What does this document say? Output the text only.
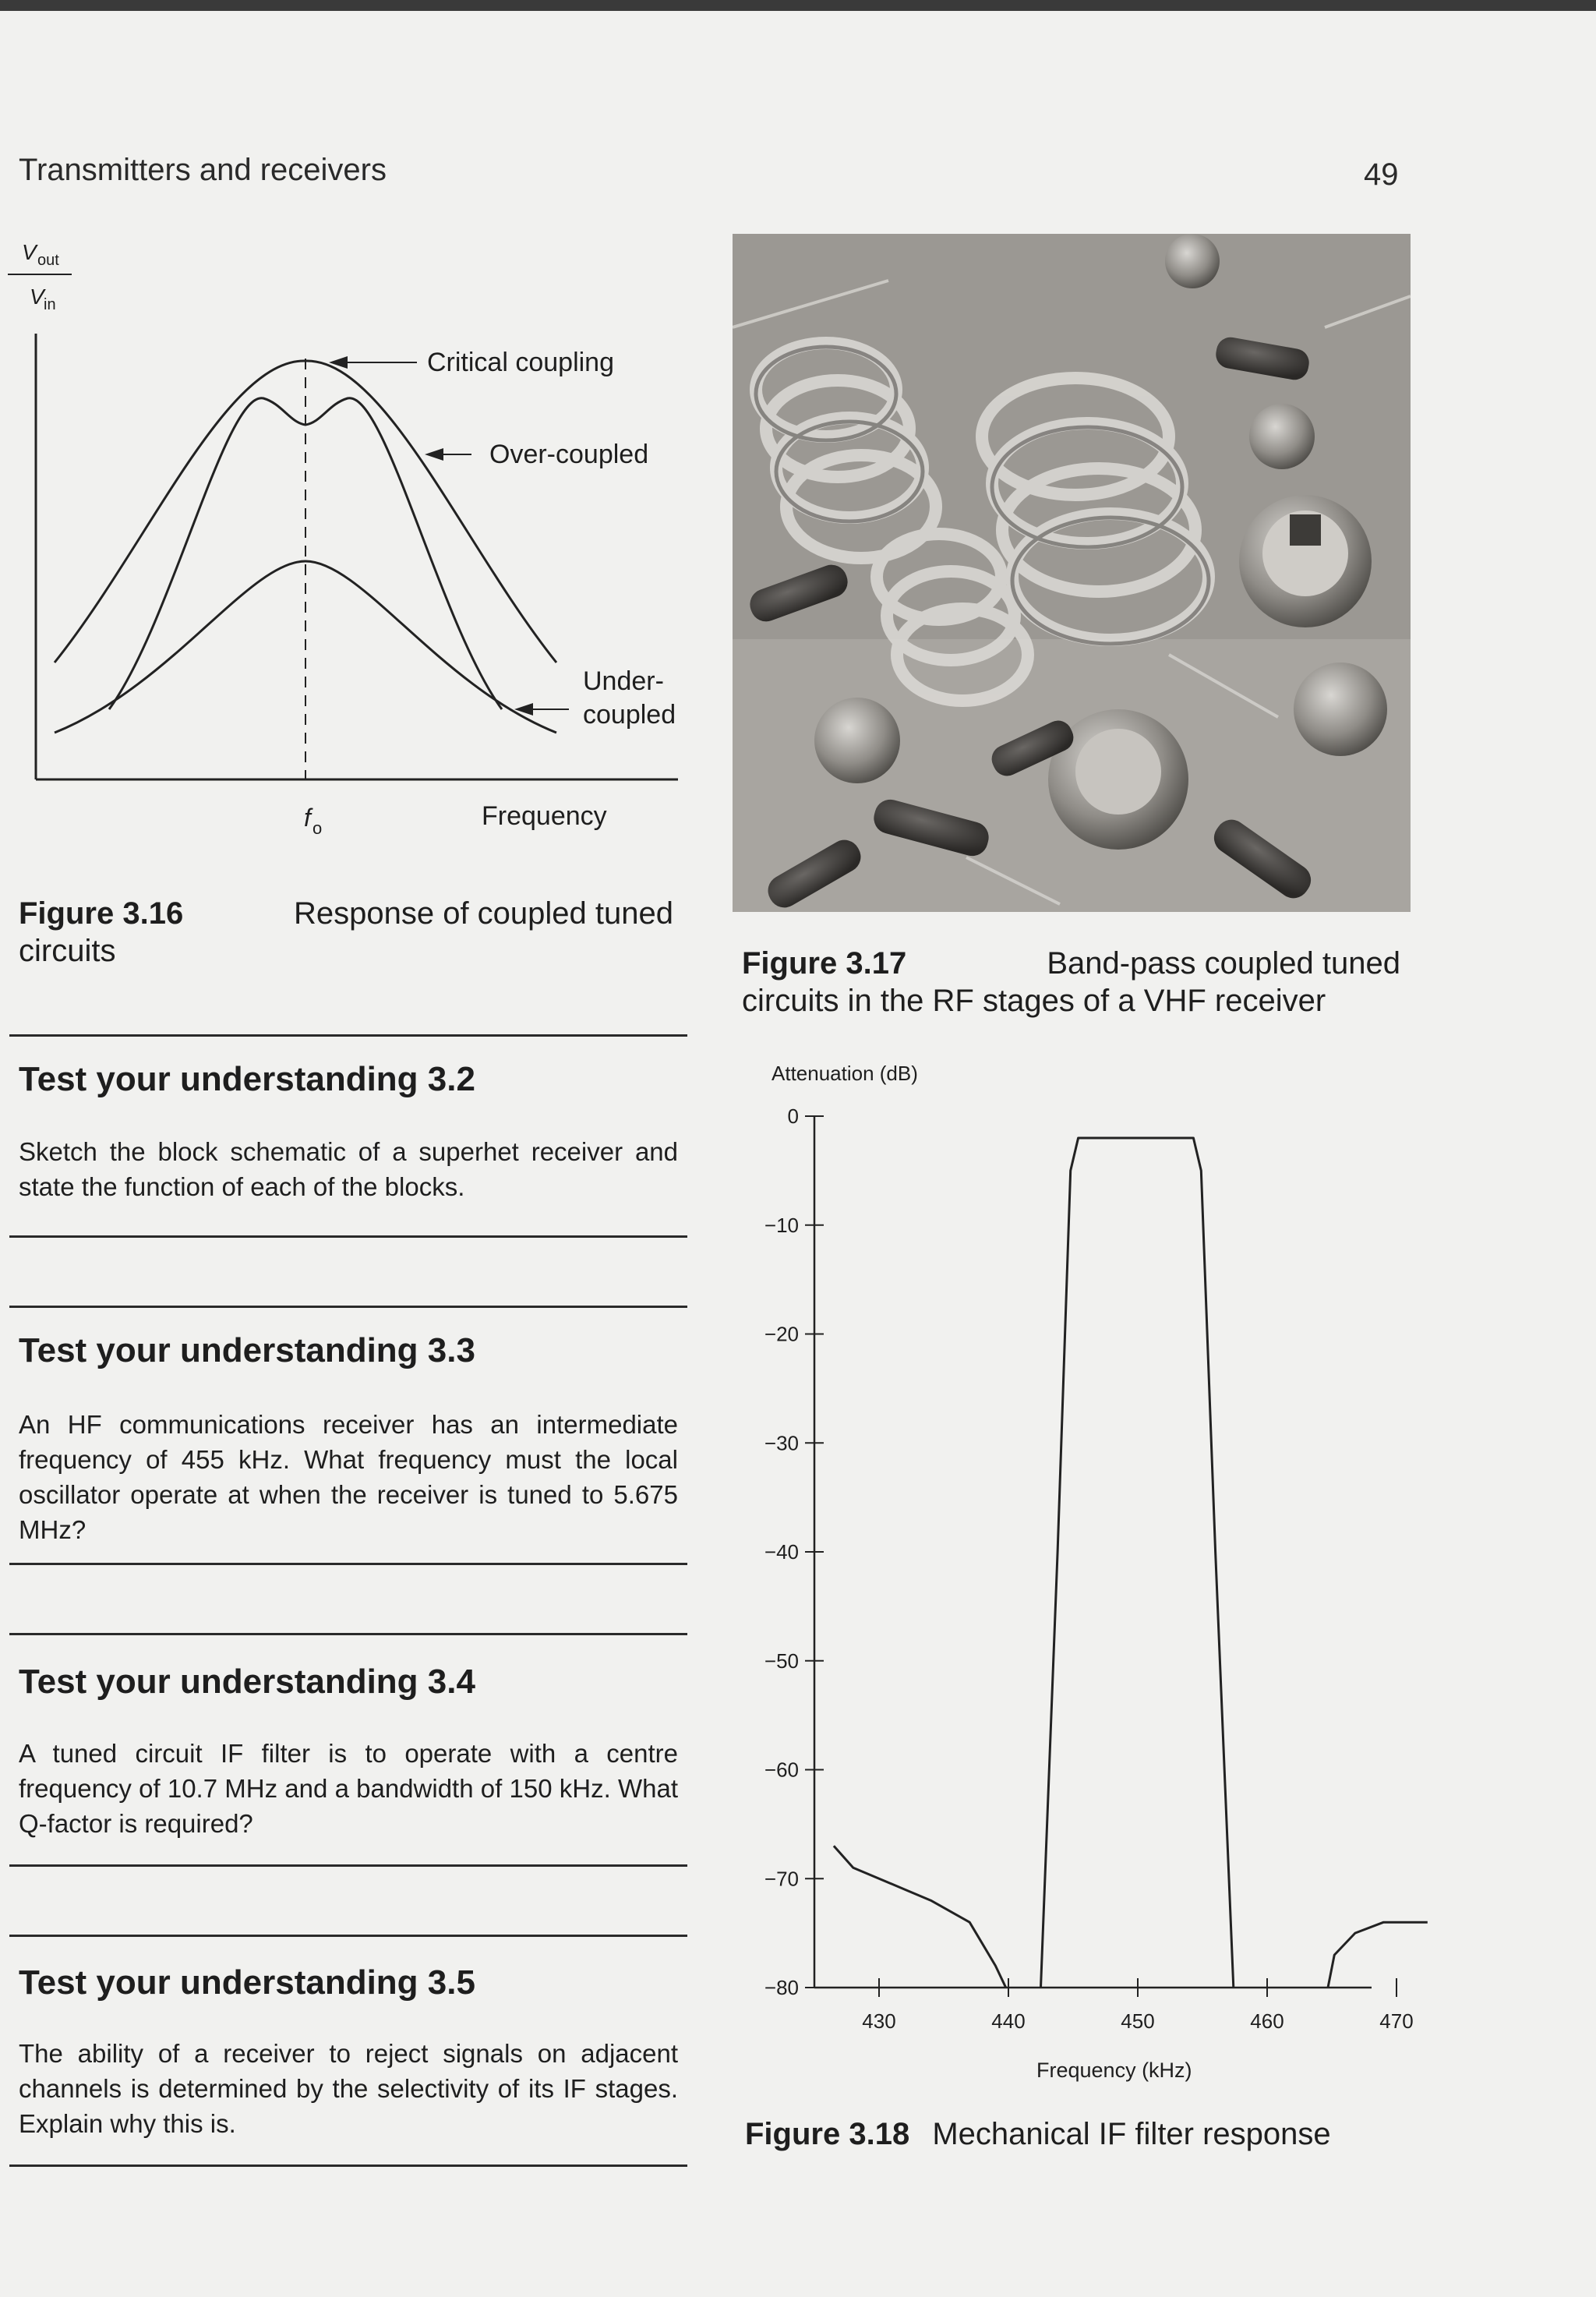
Transmitters and receivers	49
V out
V in
Critical coupling
Over-coupled
Under-
coupled
f o	Frequency
Figure 3.16	Response of coupled tuned
circuits
Test your understanding 3.2
Sketch the block schematic of a superhet receiver and state the function of each of the blocks.
Test your understanding 3.3
An HF communications receiver has an intermediate frequency of 455 kHz. What frequency must the local oscillator operate at when the receiver is tuned to 5.675 MHz?
Test your understanding 3.4
A tuned circuit IF filter is to operate with a centre frequency of 10.7 MHz and a bandwidth of 150 kHz. What Q-factor is required?
Test your understanding 3.5
The ability of a receiver to reject signals on adjacent channels is determined by the selectivity of its IF stages. Explain why this is.
Figure 3.17	Band-pass coupled tuned
circuits in the RF stages of a VHF receiver
Attenuation (dB)
Frequency (kHz)
0
−10
−20
−30
−40
−50
−60
−70
−80
430	440	450	460	470
Figure 3.18 Mechanical IF filter response
